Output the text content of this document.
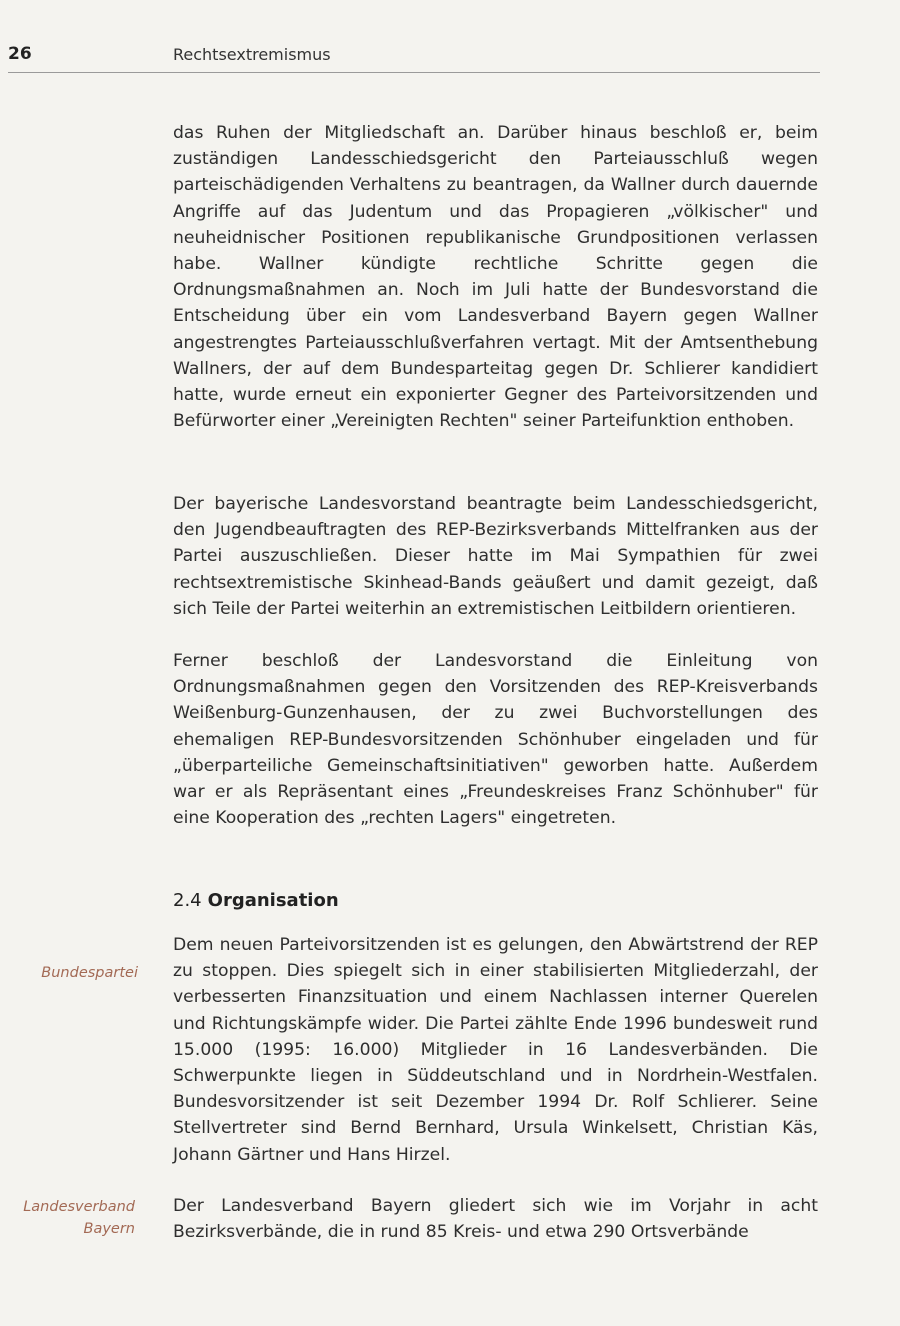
26	Rechtsextremismus

das Ruhen der Mitgliedschaft an. Darüber hinaus beschloß er, beim zuständigen Landesschiedsgericht den Parteiausschluß wegen parteischädigenden Verhaltens zu beantragen, da Wallner durch dauernde Angriffe auf das Judentum und das Propagieren „völkischer" und neuheidnischer Positionen republikanische Grundpositionen verlassen habe. Wallner kündigte rechtliche Schritte gegen die Ordnungsmaßnahmen an. Noch im Juli hatte der Bundesvorstand die Entscheidung über ein vom Landesverband Bayern gegen Wallner angestrengtes Parteiausschlußverfahren vertagt. Mit der Amtsenthebung Wallners, der auf dem Bundesparteitag gegen Dr. Schlierer kandidiert hatte, wurde erneut ein exponierter Gegner des Parteivorsitzenden und Befürworter einer „Vereinigten Rechten" seiner Parteifunktion enthoben.

Der bayerische Landesvorstand beantragte beim Landesschiedsgericht, den Jugendbeauftragten des REP-Bezirksverbands Mittelfranken aus der Partei auszuschließen. Dieser hatte im Mai Sympathien für zwei rechtsextremistische Skinhead-Bands geäußert und damit gezeigt, daß sich Teile der Partei weiterhin an extremistischen Leitbildern orientieren.

Ferner beschloß der Landesvorstand die Einleitung von Ordnungsmaßnahmen gegen den Vorsitzenden des REP-Kreisverbands Weißenburg-Gunzenhausen, der zu zwei Buchvorstellungen des ehemaligen REP-Bundesvorsitzenden Schönhuber eingeladen und für „überparteiliche Gemeinschaftsinitiativen" geworben hatte. Außerdem war er als Repräsentant eines „Freundeskreises Franz Schönhuber" für eine Kooperation des „rechten Lagers" eingetreten.

2.4 Organisation
Bundespartei

Dem neuen Parteivorsitzenden ist es gelungen, den Abwärtstrend der REP zu stoppen. Dies spiegelt sich in einer stabilisierten Mitgliederzahl, der verbesserten Finanzsituation und einem Nachlassen interner Querelen und Richtungskämpfe wider. Die Partei zählte Ende 1996 bundesweit rund 15.000 (1995: 16.000) Mitglieder in 16 Landesverbänden. Die Schwerpunkte liegen in Süddeutschland und in Nordrhein-Westfalen. Bundesvorsitzender ist seit Dezember 1994 Dr. Rolf Schlierer. Seine Stellvertreter sind Bernd Bernhard, Ursula Winkelsett, Christian Käs, Johann Gärtner und Hans Hirzel.

Landesverband Bayern

Der Landesverband Bayern gliedert sich wie im Vorjahr in acht Bezirksverbände, die in rund 85 Kreis- und etwa 290 Ortsverbände
